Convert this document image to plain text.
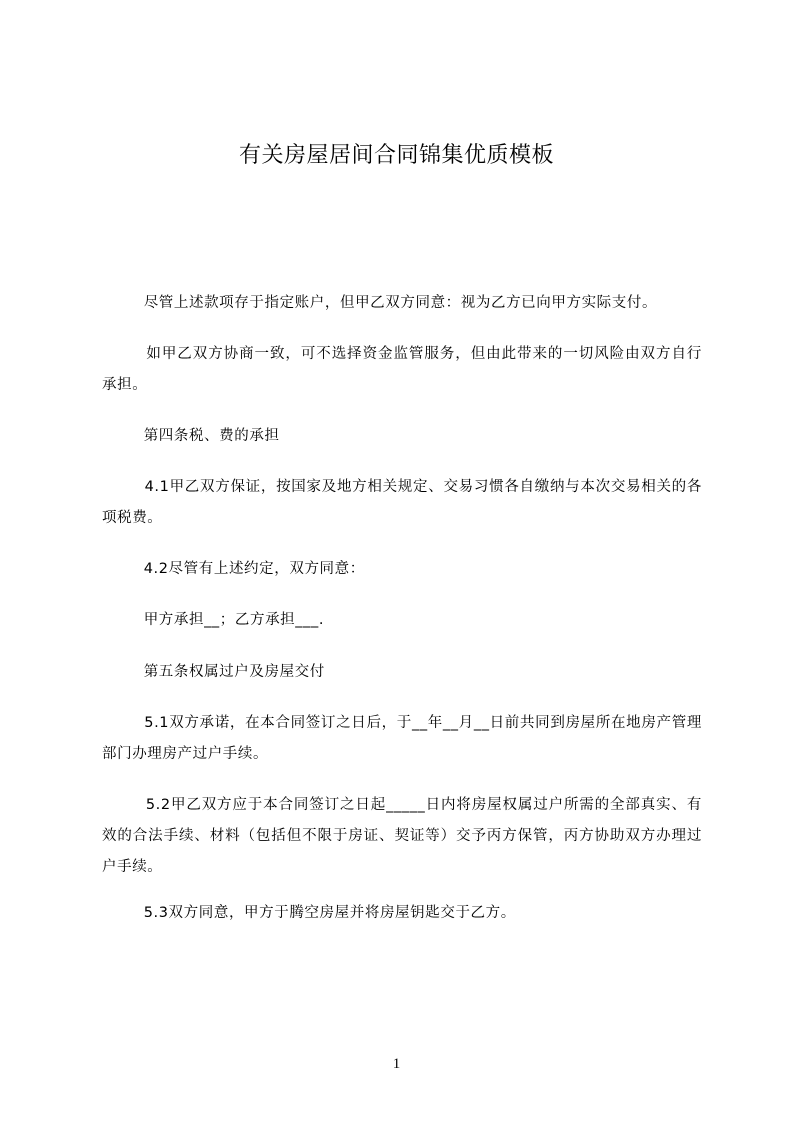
有关房屋居间合同锦集优质模板
尽管上述款项存于指定账户，但甲乙双方同意：视为乙方已向甲方实际支付。
如甲乙双方协商一致，可不选择资金监管服务，但由此带来的一切风险由双方自行承担。
第四条税、费的承担
4.1甲乙双方保证，按国家及地方相关规定、交易习惯各自缴纳与本次交易相关的各项税费。
4.2尽管有上述约定，双方同意：
甲方承担__；乙方承担___.
第五条权属过户及房屋交付
5.1双方承诺，在本合同签订之日后，于__年__月__日前共同到房屋所在地房产管理部门办理房产过户手续。
5.2甲乙双方应于本合同签订之日起_____日内将房屋权属过户所需的全部真实、有效的合法手续、材料（包括但不限于房证、契证等）交予丙方保管，丙方协助双方办理过户手续。
5.3双方同意，甲方于腾空房屋并将房屋钥匙交于乙方。
1
